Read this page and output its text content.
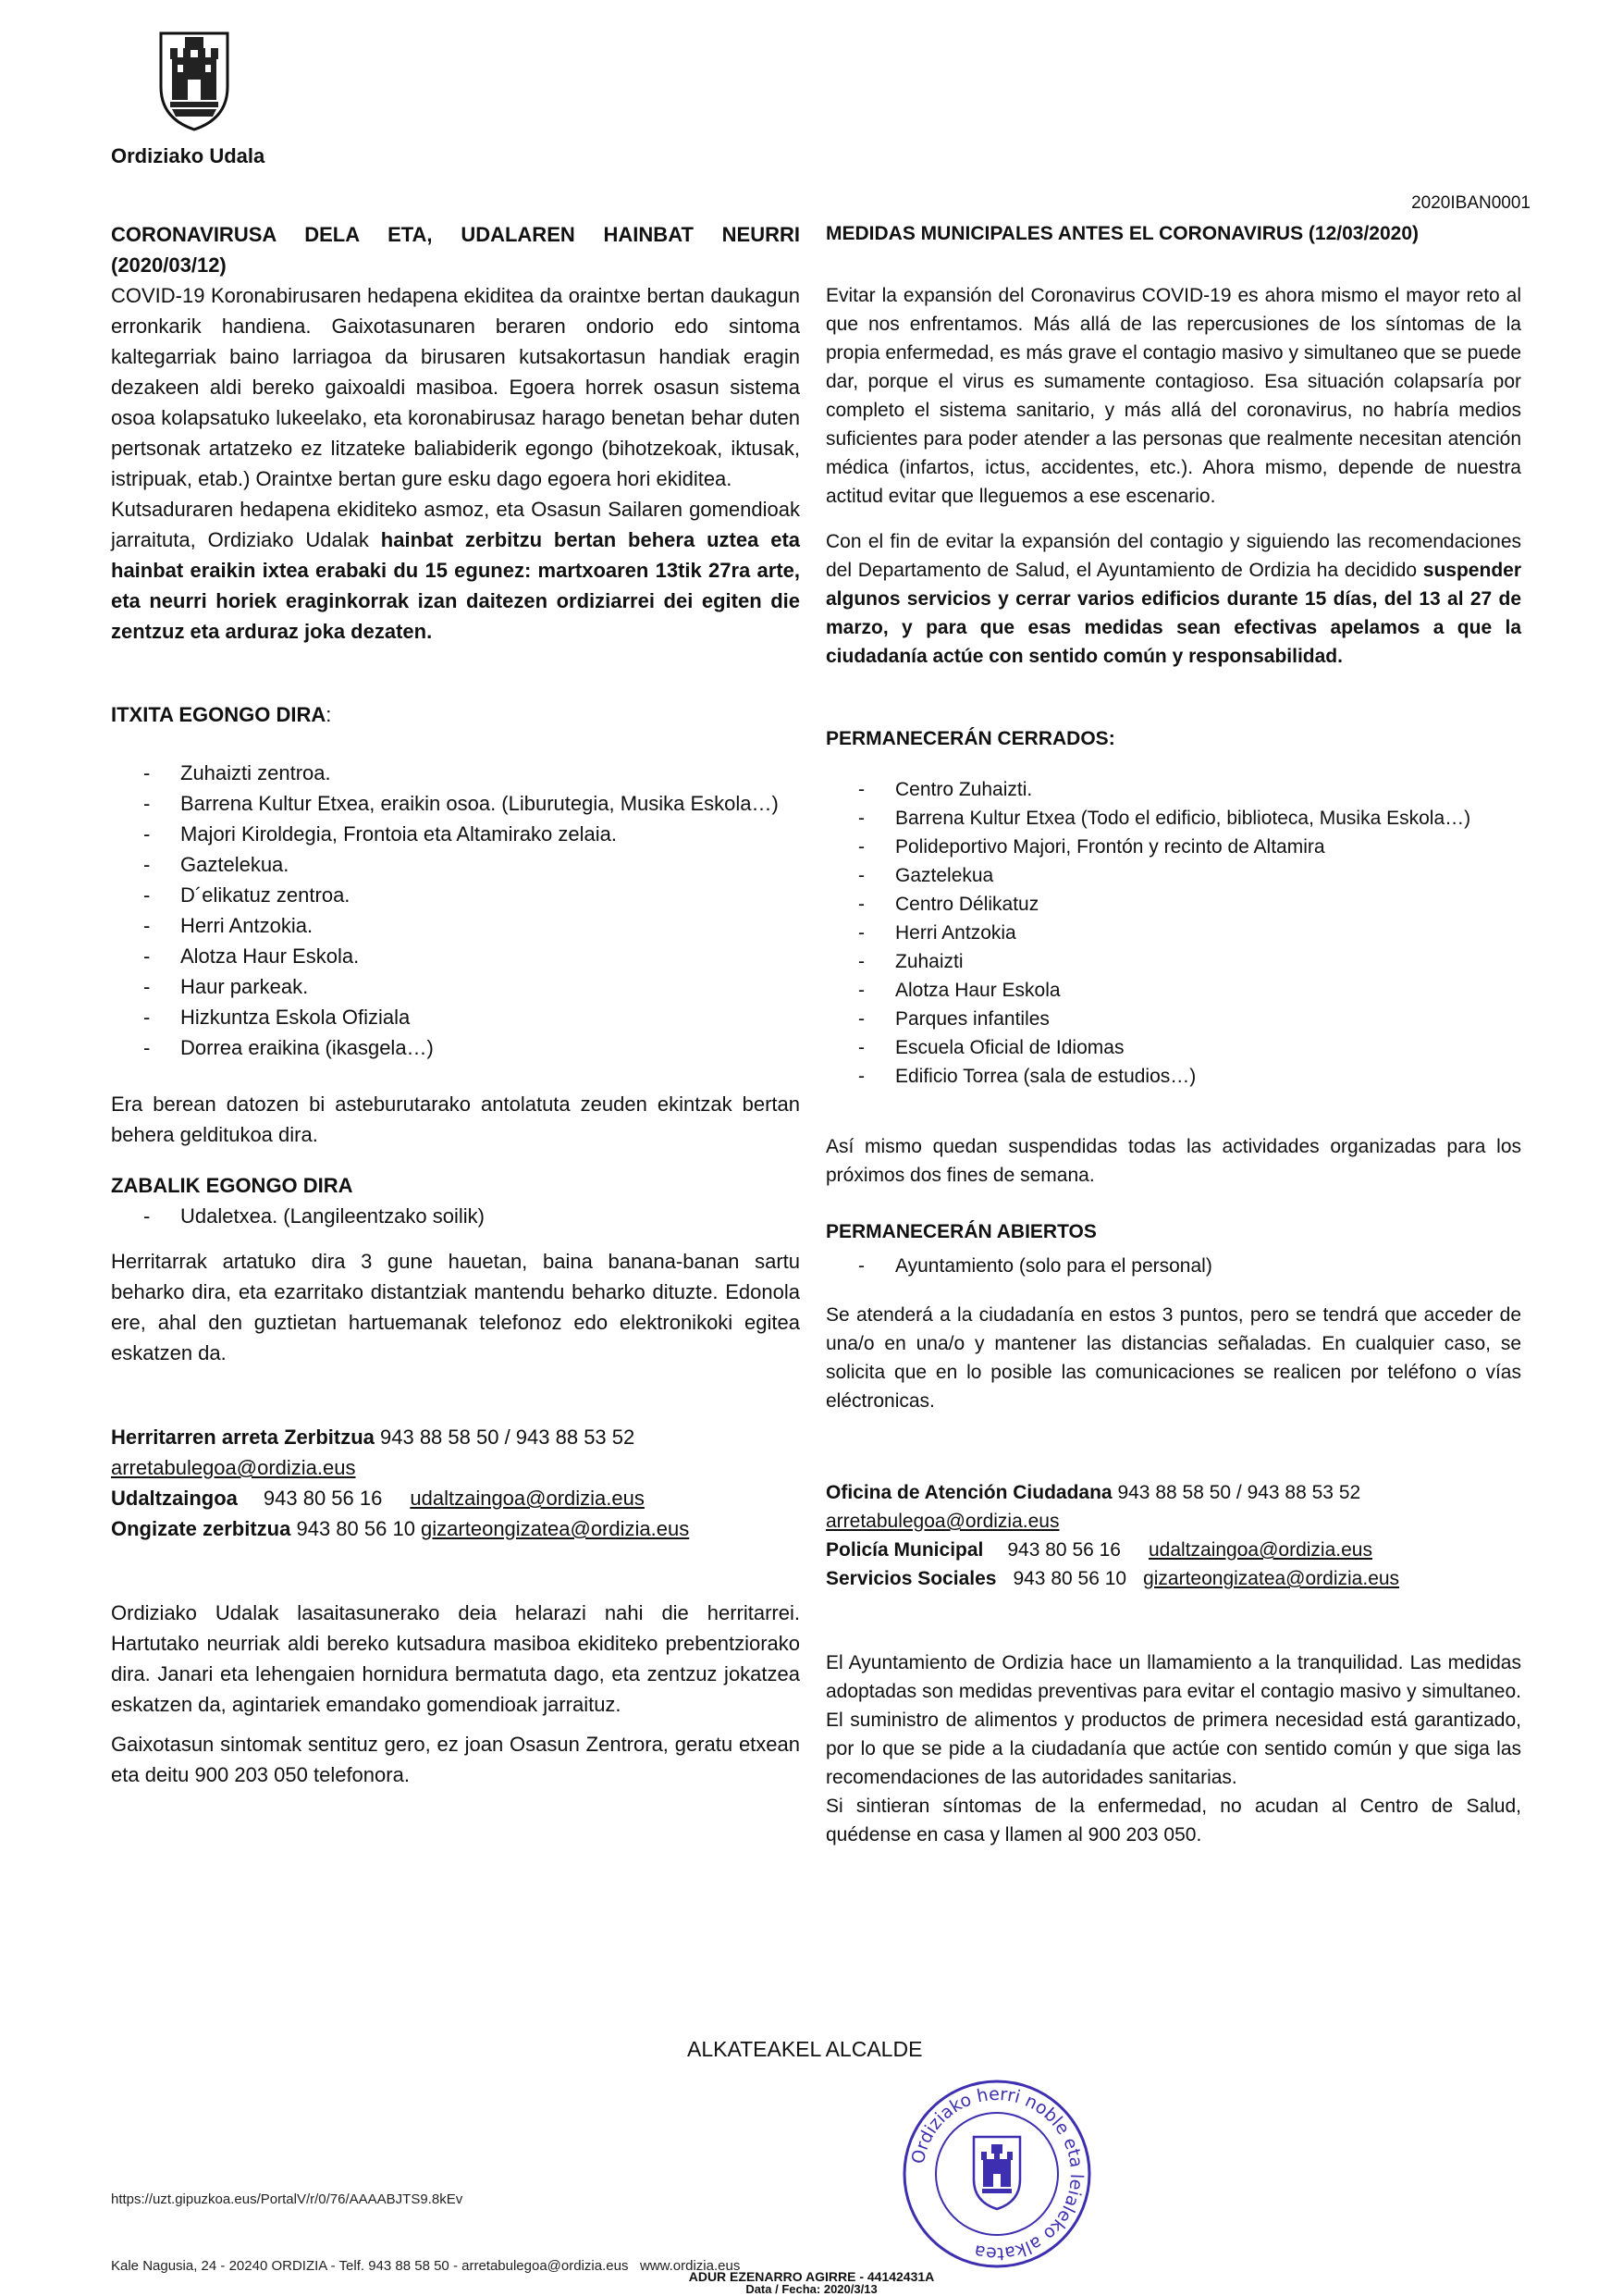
Ordiziako Udala
2020IBAN0001

CORONAVIRUSA DELA ETA, UDALAREN HAINBAT NEURRI (2020/03/12)

COVID-19 Koronabirusaren hedapena ekiditea da oraintxe bertan daukagun erronkarik handiena. Gaixotasunaren beraren ondorio edo sintoma kaltegarriak baino larriagoa da birusaren kutsakortasun handiak eragin dezakeen aldi bereko gaixoaldi masiboa. Egoera horrek osasun sistema osoa kolapsatuko lukeelako, eta koronabirusaz harago benetan behar duten pertsonak artatzeko ez litzateke baliabiderik egongo (bihotzekoak, iktusak, istripuak, etab.) Oraintxe bertan gure esku dago egoera hori ekiditea.

Kutsaduraren hedapena ekiditeko asmoz, eta Osasun Sailaren gomendioak jarraituta, Ordiziako Udalak hainbat zerbitzu bertan behera uztea eta hainbat eraikin ixtea erabaki du 15 egunez: martxoaren 13tik 27ra arte, eta neurri horiek eraginkorrak izan daitezen ordiziarrei dei egiten die zentzuz eta arduraz joka dezaten.

ITXITA EGONGO DIRA:

- Zuhaizti zentroa.
- Barrena Kultur Etxea, eraikin osoa. (Liburutegia, Musika Eskola…)
- Majori Kiroldegia, Frontoia eta Altamirako zelaia.
- Gaztelekua.
- D´elikatuz zentroa.
- Herri Antzokia.
- Alotza Haur Eskola.
- Haur parkeak.
- Hizkuntza Eskola Ofiziala
- Dorrea eraikina (ikasgela…)

Era berean datozen bi asteburutarako antolatuta zeuden ekintzak bertan behera gelditukoa dira.

ZABALIK EGONGO DIRA

- Udaletxea. (Langileentzako soilik)

Herritarrak artatuko dira 3 gune hauetan, baina banana-banan sartu beharko dira, eta ezarritako distantziak mantendu beharko dituzte. Edonola ere, ahal den guztietan hartuemanak telefonoz edo elektronikoki egitea eskatzen da.

Herritarren arreta Zerbitzua 943 88 58 50 / 943 88 53 52
arretabulegoa@ordizia.eus
Udaltzaingoa 943 80 56 16 udaltzaingoa@ordizia.eus
Ongizate zerbitzua 943 80 56 10 gizarteongizatea@ordizia.eus

Ordiziako Udalak lasaitasunerako deia helarazi nahi die herritarrei. Hartutako neurriak aldi bereko kutsadura masiboa ekiditeko prebentziorako dira. Janari eta lehengaien hornidura bermatuta dago, eta zentzuz jokatzea eskatzen da, agintariek emandako gomendioak jarraituz.

Gaixotasun sintomak sentituz gero, ez joan Osasun Zentrora, geratu etxean eta deitu 900 203 050 telefonora.

MEDIDAS MUNICIPALES ANTES EL CORONAVIRUS (12/03/2020)

Evitar la expansión del Coronavirus COVID-19 es ahora mismo el mayor reto al que nos enfrentamos. Más allá de las repercusiones de los síntomas de la propia enfermedad, es más grave el contagio masivo y simultaneo que se puede dar, porque el virus es sumamente contagioso. Esa situación colapsaría por completo el sistema sanitario, y más allá del coronavirus, no habría medios suficientes para poder atender a las personas que realmente necesitan atención médica (infartos, ictus, accidentes, etc.). Ahora mismo, depende de nuestra actitud evitar que lleguemos a ese escenario.

Con el fin de evitar la expansión del contagio y siguiendo las recomendaciones del Departamento de Salud, el Ayuntamiento de Ordizia ha decidido suspender algunos servicios y cerrar varios edificios durante 15 días, del 13 al 27 de marzo, y para que esas medidas sean efectivas apelamos a que la ciudadanía actúe con sentido común y responsabilidad.

PERMANECERÁN CERRADOS:

- Centro Zuhaizti.
- Barrena Kultur Etxea (Todo el edificio, biblioteca, Musika Eskola…)
- Polideportivo Majori, Frontón y recinto de Altamira
- Gaztelekua
- Centro Délikatuz
- Herri Antzokia
- Zuhaizti
- Alotza Haur Eskola
- Parques infantiles
- Escuela Oficial de Idiomas
- Edificio Torrea (sala de estudios…)

Así mismo quedan suspendidas todas las actividades organizadas para los próximos dos fines de semana.

PERMANECERÁN ABIERTOS

- Ayuntamiento (solo para el personal)

Se atenderá a la ciudadanía en estos 3 puntos, pero se tendrá que acceder de una/o en una/o y mantener las distancias señaladas. En cualquier caso, se solicita que en lo posible las comunicaciones se realicen por teléfono o vías eléctronicas.

Oficina de Atención Ciudadana 943 88 58 50 / 943 88 53 52
arretabulegoa@ordizia.eus
Policía Municipal 943 80 56 16 udaltzaingoa@ordizia.eus
Servicios Sociales 943 80 56 10 gizarteongizatea@ordizia.eus

El Ayuntamiento de Ordizia hace un llamamiento a la tranquilidad. Las medidas adoptadas son medidas preventivas para evitar el contagio masivo y simultaneo. El suministro de alimentos y productos de primera necesidad está garantizado, por lo que se pide a la ciudadanía que actúe con sentido común y que siga las recomendaciones de las autoridades sanitarias.

Si sintieran síntomas de la enfermedad, no acudan al Centro de Salud, quédense en casa y llamen al 900 203 050.

ALKATEAKEL ALCALDE
Ordiziako herri noble eta leialeko alkatea
ADUR EZENARRO AGIRRE - 44142431A
Data / Fecha: 2020/3/13
https://uzt.gipuzkoa.eus/PortalV/r/0/76/AAAABJTS9.8kEv
Kale Nagusia, 24 - 20240 ORDIZIA - Telf. 943 88 58 50 - arretabulegoa@ordizia.eus   www.ordizia.eus
